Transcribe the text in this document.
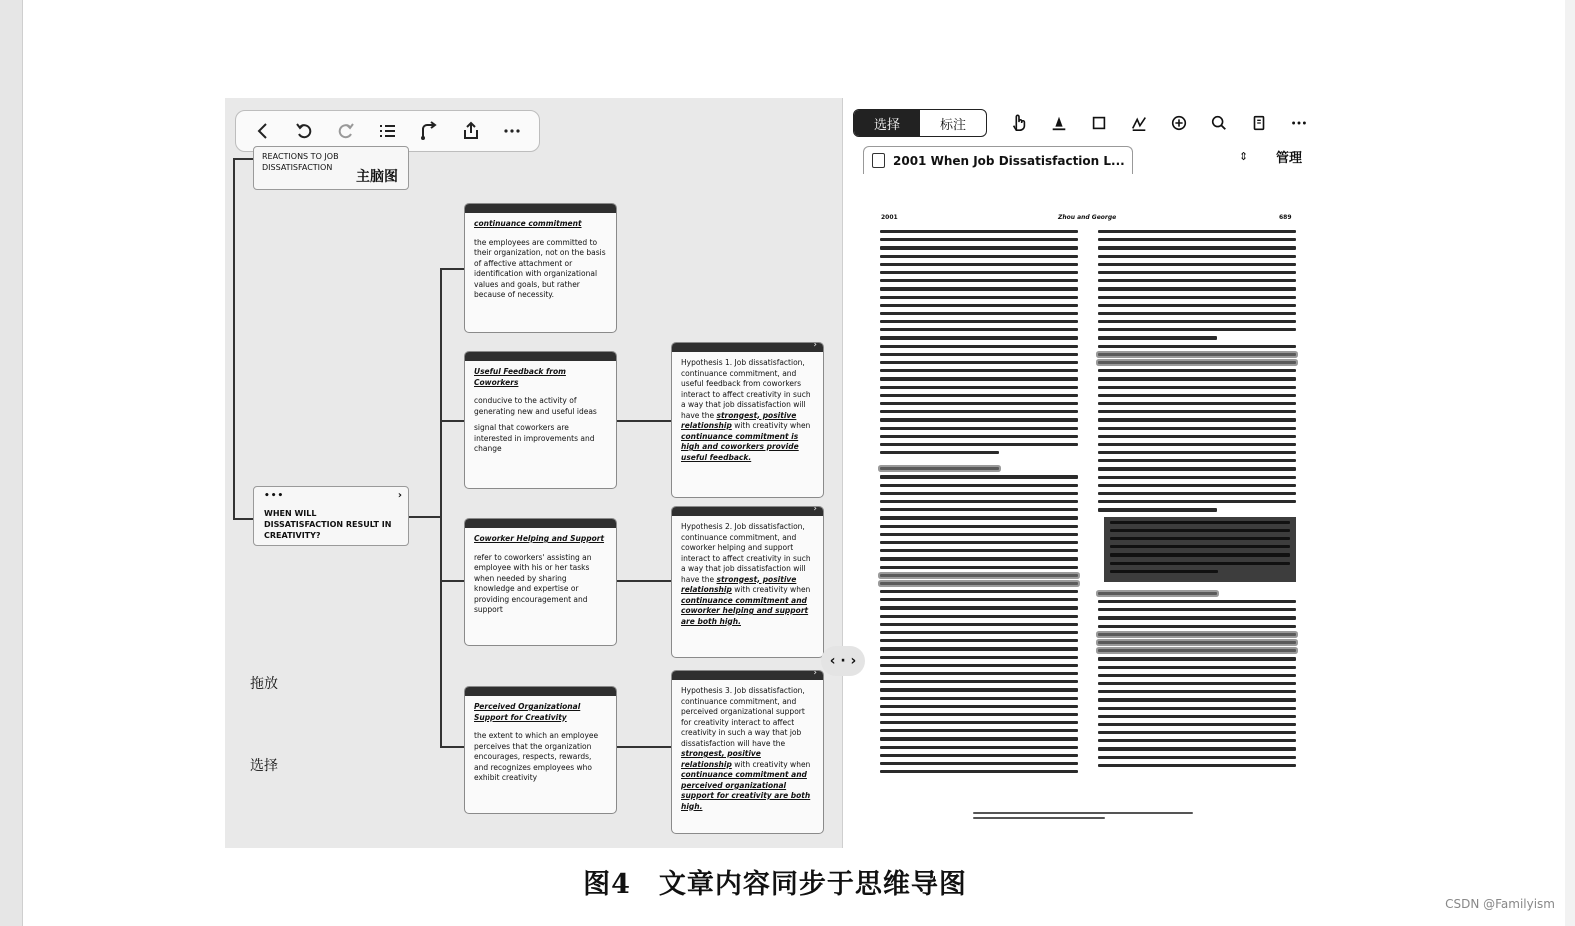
REACTIONS TO JOB DISSATISFACTION
主脑图
•••	›
WHEN WILL DISSATISFACTION RESULT IN CREATIVITY?
continuance commitment
the employees are committed to their organization, not on the basis of affective attachment or identification with organizational values and goals, but rather because of necessity.
Useful Feedback from Coworkers
conducive to the activity of generating new and useful ideas
signal that coworkers are interested in improvements and change
Coworker Helping and Support
refer to coworkers' assisting an employee with his or her tasks when needed by sharing knowledge and expertise or providing encouragement and support
Perceived Organizational Support for Creativity
the extent to which an employee perceives that the organization encourages, respects, rewards, and recognizes employees who exhibit creativity
›
Hypothesis 1. Job dissatisfaction, continuance commitment, and useful feedback from coworkers interact to affect creativity in such a way that job dissatisfaction will have the strongest, positive relationship with creativity when continuance commitment is high and coworkers provide useful feedback.
›
Hypothesis 2. Job dissatisfaction, continuance commitment, and coworker helping and support interact to affect creativity in such a way that job dissatisfaction will have the strongest, positive relationship with creativity when continuance commitment and coworker helping and support are both high.
›
Hypothesis 3. Job dissatisfaction, continuance commitment, and perceived organizational support for creativity interact to affect creativity in such a way that job dissatisfaction will have the strongest, positive relationship with creativity when continuance commitment and perceived organizational support for creativity are both high.
拖放
选择
选择	标注
2001 When Job Dissatisfaction L...	⇕ 管理
2001	Zhou and George	689
‹ · ›
图4　文章内容同步于思维导图
CSDN @Familyism
